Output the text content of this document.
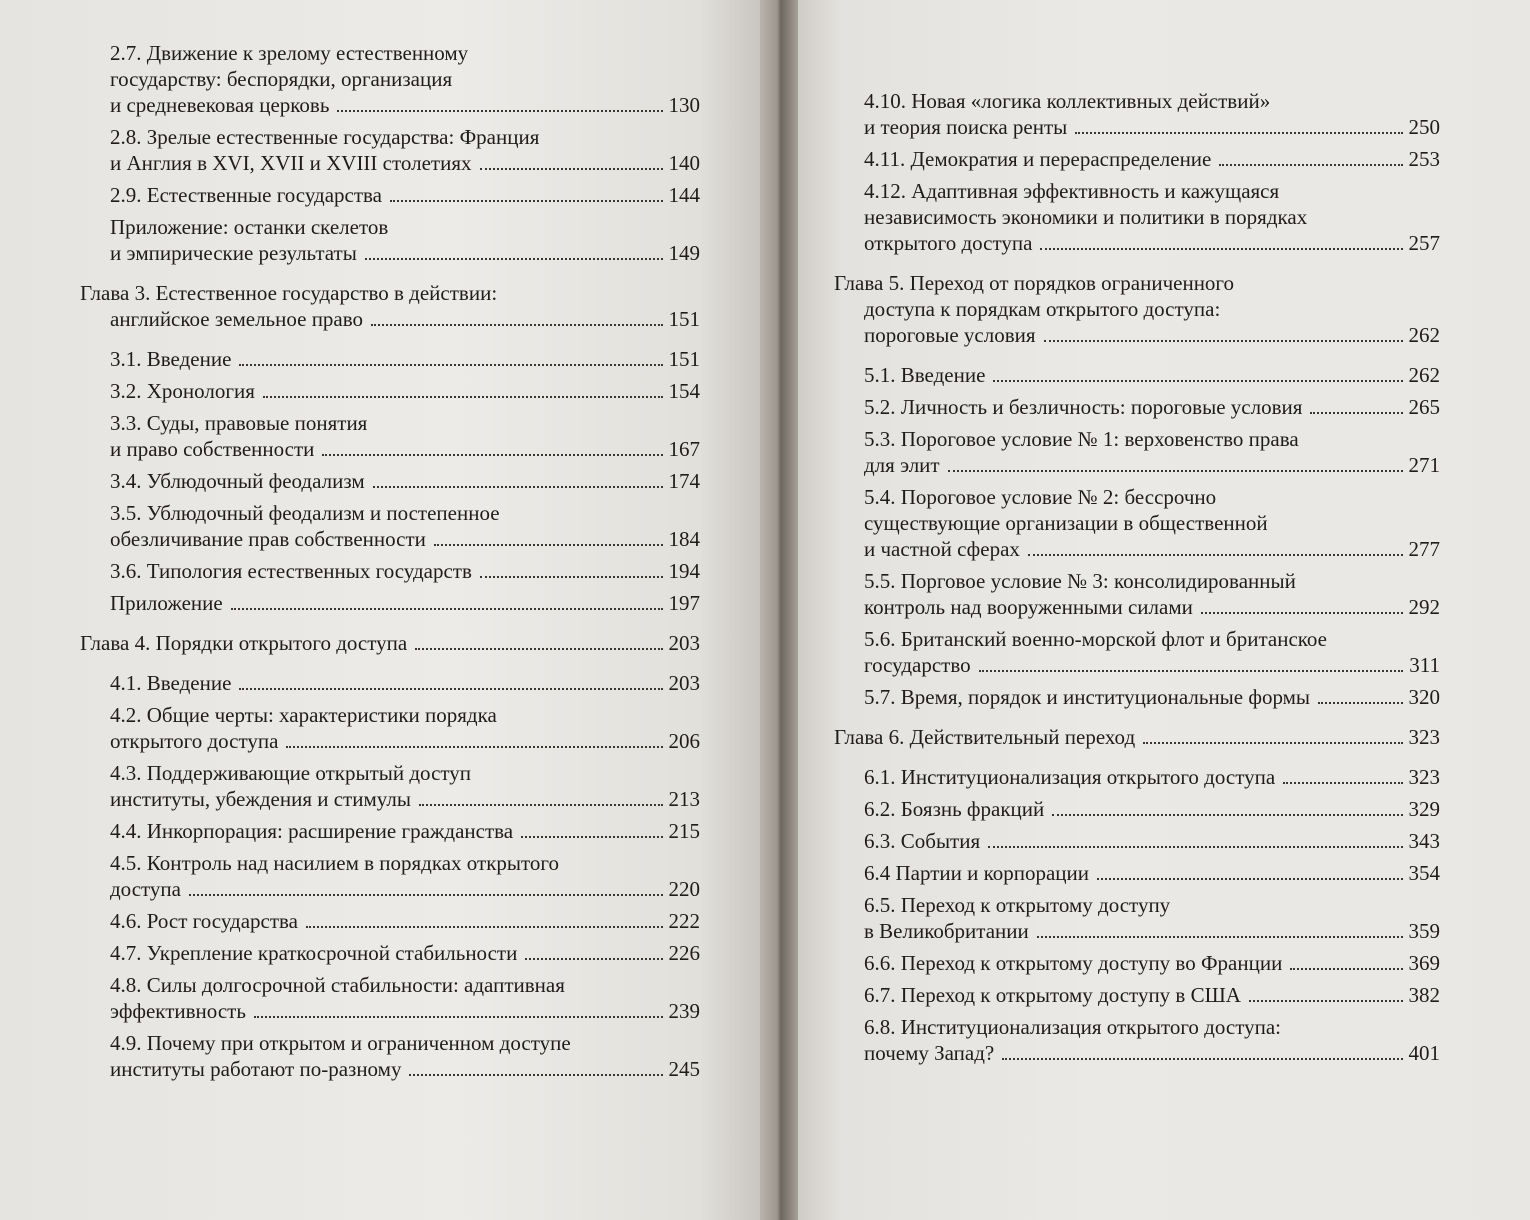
2.7. Движение к зрелому естественному
государству: беспорядки, организация
и средневековая церковь	130
2.8. Зрелые естественные государства: Франция
и Англия в XVI, XVII и XVIII столетиях	140
2.9. Естественные государства	144
Приложение: останки скелетов
и эмпирические результаты	149
Глава 3. Естественное государство в действии:
английское земельное право	151
3.1. Введение	151
3.2. Хронология	154
3.3. Суды, правовые понятия
и право собственности	167
3.4. Ублюдочный феодализм	174
3.5. Ублюдочный феодализм и постепенное
обезличивание прав собственности	184
3.6. Типология естественных государств	194
Приложение	197
Глава 4. Порядки открытого доступа	203
4.1. Введение	203
4.2. Общие черты: характеристики порядка
открытого доступа	206
4.3. Поддерживающие открытый доступ
институты, убеждения и стимулы	213
4.4. Инкорпорация: расширение гражданства	215
4.5. Контроль над насилием в порядках открытого
доступа	220
4.6. Рост государства	222
4.7. Укрепление краткосрочной стабильности	226
4.8. Силы долгосрочной стабильности: адаптивная
эффективность	239
4.9. Почему при открытом и ограниченном доступе
институты работают по-разному	245
4.10. Новая «логика коллективных действий»
и теория поиска ренты	250
4.11. Демократия и перераспределение	253
4.12. Адаптивная эффективность и кажущаяся
независимость экономики и политики в порядках
открытого доступа	257
Глава 5. Переход от порядков ограниченного
доступа к порядкам открытого доступа:
пороговые условия	262
5.1. Введение	262
5.2. Личность и безличность: пороговые условия	265
5.3. Пороговое условие № 1: верховенство права
для элит	271
5.4. Пороговое условие № 2: бессрочно
существующие организации в общественной
и частной сферах	277
5.5. Порговое условие № 3: консолидированный
контроль над вооруженными силами	292
5.6. Британский военно-морской флот и британское
государство	311
5.7. Время, порядок и институциональные формы	320
Глава 6. Действительный переход	323
6.1. Институционализация открытого доступа	323
6.2. Боязнь фракций	329
6.3. События	343
6.4 Партии и корпорации	354
6.5. Переход к открытому доступу
в Великобритании	359
6.6. Переход к открытому доступу во Франции	369
6.7. Переход к открытому доступу в США	382
6.8. Институционализация открытого доступа:
почему Запад?	401
